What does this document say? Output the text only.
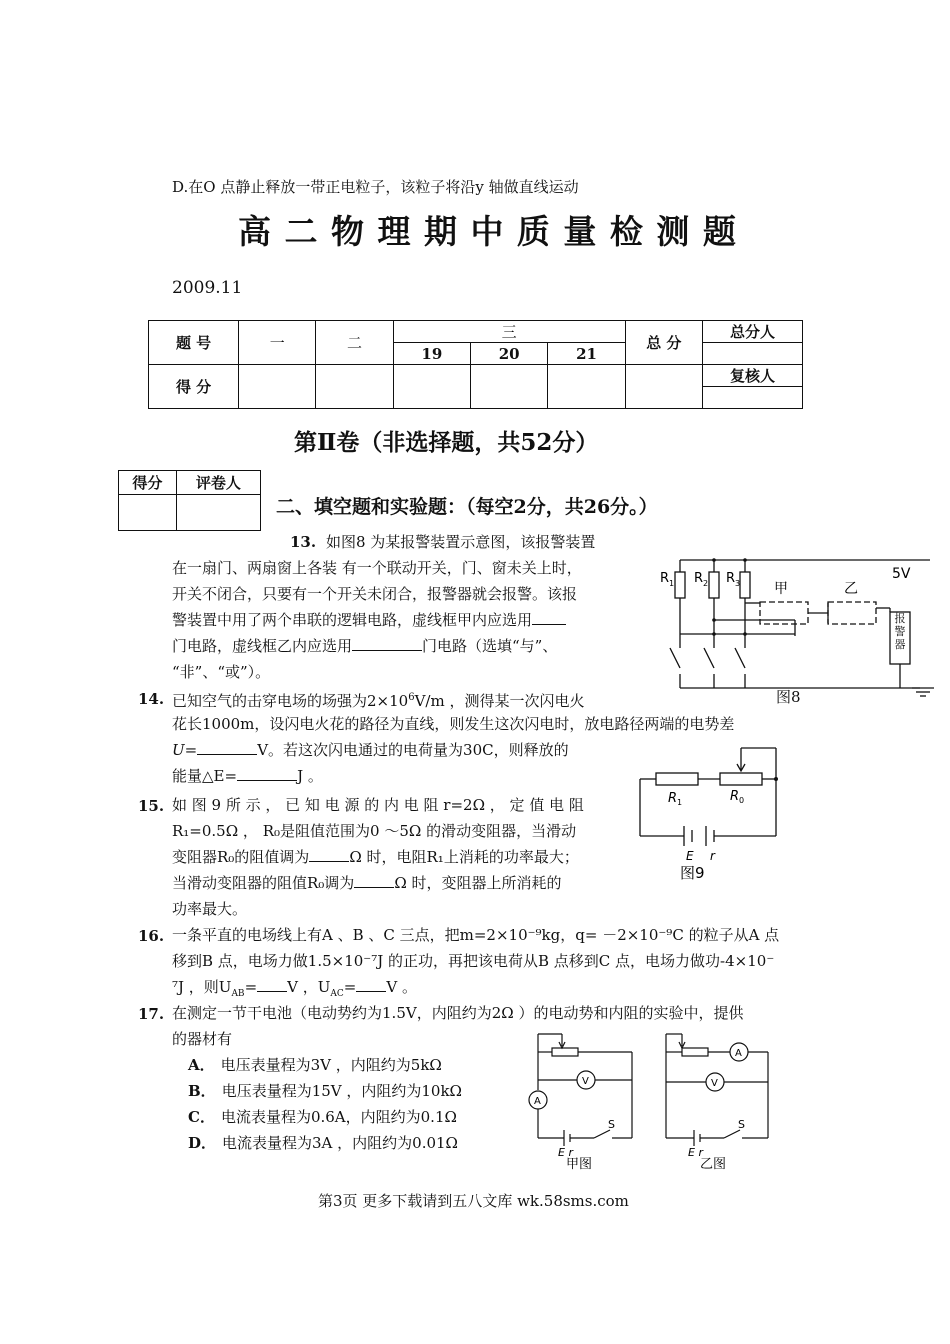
D.在O 点静止释放一带正电粒子，该粒子将沿y 轴做直线运动
高 二 物 理 期 中 质 量 检 测 题
2009.11
题 号	一	二	三			总 分	总分人
			19	20	21		
得 分							复核人

第Ⅱ卷（非选择题，共52分）
得分	评卷人

二、填空题和实验题：（每空2分，共26分。）
13. 如图8 为某报警装置示意图，该报警装置
在一扇门、两扇窗上各装 有一个联动开关，门、窗未关上时，
开关不闭合，只要有一个开关未闭合，报警器就会报警。该报
警装置中用了两个串联的逻辑电路，虚线框甲内应选用
门电路，虚线框乙内应选用	门电路（选填“与”、
“非”、“或”）。
R 1 R 2 R 3
5V
甲	乙
报警器
图8
14. 已知空气的击穿电场的场强为$2\times 10^6V/m$ ，测得某一次闪电火
花长1000m，设闪电火花的路径为直线，则发生这次闪电时，放电路径两端的电势差
U=	V。若这次闪电通过的电荷量为30C，则释放的
能量△E=	J 。
R 1	R 0
E r
图9
15. 如 图 9 所 示 ， 已 知 电 源 的 内 电 阻 r=2Ω ， 定 值 电 阻
R₁=0.5Ω ， R₀是阻值范围为0 ～5Ω 的滑动变阻器，当滑动
变阻器R₀的阻值调为	Ω 时，电阻R₁上消耗的功率最大；
当滑动变阻器的阻值R₀调为	Ω 时，变阻器上所消耗的
功率最大。
16. 一条平直的电场线上有A 、B 、C 三点，把m=2×10⁻⁹kg，q= －2×10⁻⁹C 的粒子从A 点
移到B 点，电场力做1.5×10⁻⁷J 的正功，再把该电荷从B 点移到C 点，电场力做功-4×10⁻
⁷J ，则$U_{AB}= V$ ，$U_{AC}= V$ 。
17. 在测定一节干电池（电动势约为1.5V，内阻约为2Ω ）的电动势和内阻的实验中，提供
的器材有
A． 电压表量程为3V ，内阻约为5kΩ
B． 电压表量程为15V ，内阻约为10kΩ
C． 电流表量程为0.6A，内阻约为0.1Ω
D． 电流表量程为3A ，内阻约为0.01Ω
V
A
S
E r
甲图
A
V
S
E r
乙图
第3页 更多下载请到五八文库 wk.58sms.com
